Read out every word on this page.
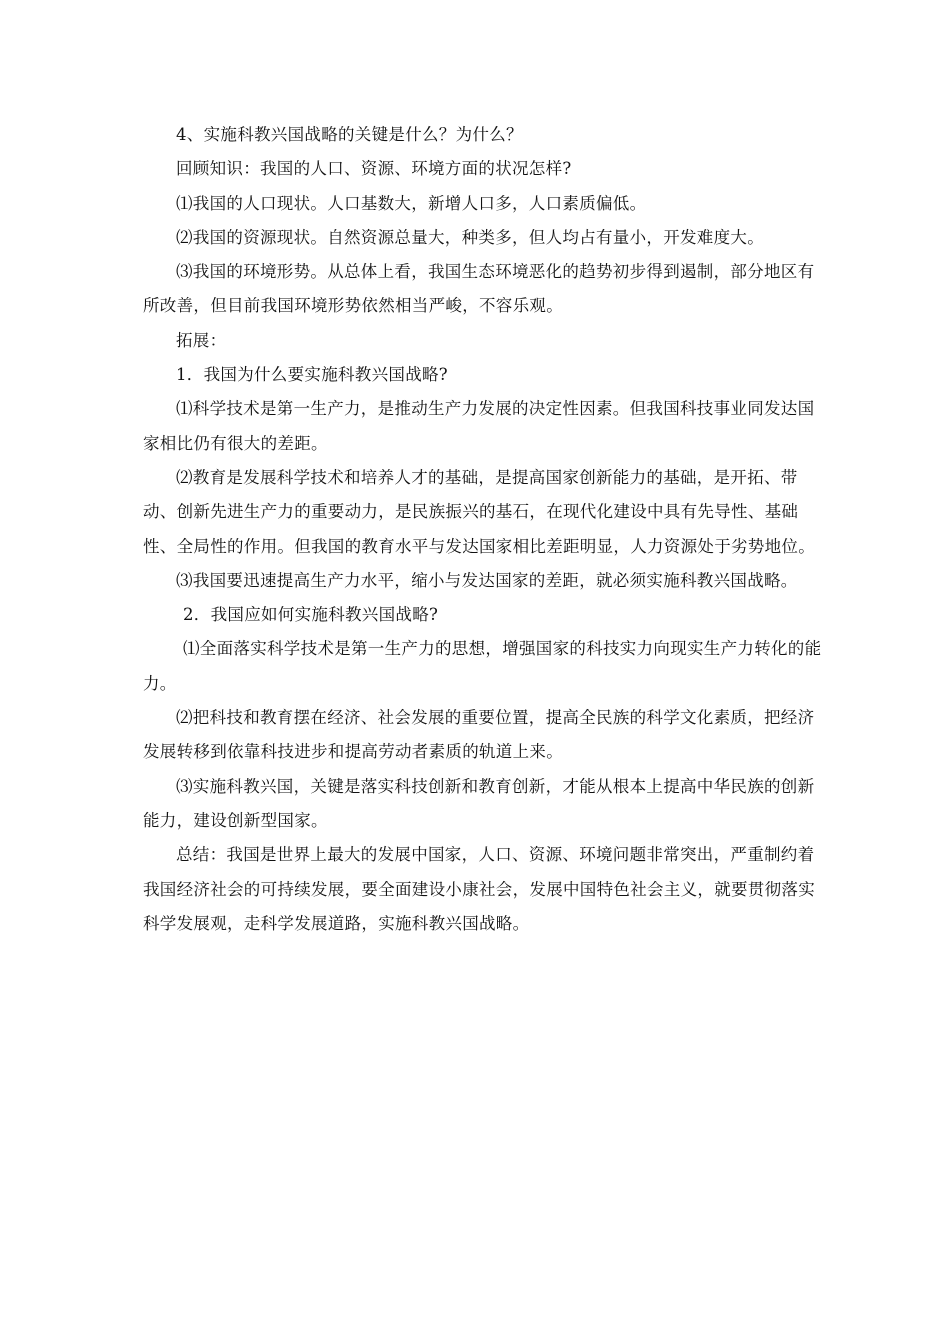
4、实施科教兴国战略的关键是什么？为什么？

回顾知识：我国的人口、资源、环境方面的状况怎样?

⑴我国的人口现状。人口基数大，新增人口多，人口素质偏低。

⑵我国的资源现状。自然资源总量大，种类多，但人均占有量小，开发难度大。

⑶我国的环境形势。从总体上看，我国生态环境恶化的趋势初步得到遏制，部分地区有所改善，但目前我国环境形势依然相当严峻，不容乐观。

拓展：

1．我国为什么要实施科教兴国战略?

⑴科学技术是第一生产力，是推动生产力发展的决定性因素。但我国科技事业同发达国家相比仍有很大的差距。

⑵教育是发展科学技术和培养人才的基础，是提高国家创新能力的基础，是开拓、带动、创新先进生产力的重要动力，是民族振兴的基石，在现代化建设中具有先导性、基础性、全局性的作用。但我国的教育水平与发达国家相比差距明显，人力资源处于劣势地位。

⑶我国要迅速提高生产力水平，缩小与发达国家的差距，就必须实施科教兴国战略。

2．我国应如何实施科教兴国战略?

⑴全面落实科学技术是第一生产力的思想，增强国家的科技实力向现实生产力转化的能力。

⑵把科技和教育摆在经济、社会发展的重要位置，提高全民族的科学文化素质，把经济发展转移到依靠科技进步和提高劳动者素质的轨道上来。

⑶实施科教兴国，关键是落实科技创新和教育创新，才能从根本上提高中华民族的创新能力，建设创新型国家。

总结：我国是世界上最大的发展中国家，人口、资源、环境问题非常突出，严重制约着我国经济社会的可持续发展，要全面建设小康社会，发展中国特色社会主义，就要贯彻落实科学发展观，走科学发展道路，实施科教兴国战略。
